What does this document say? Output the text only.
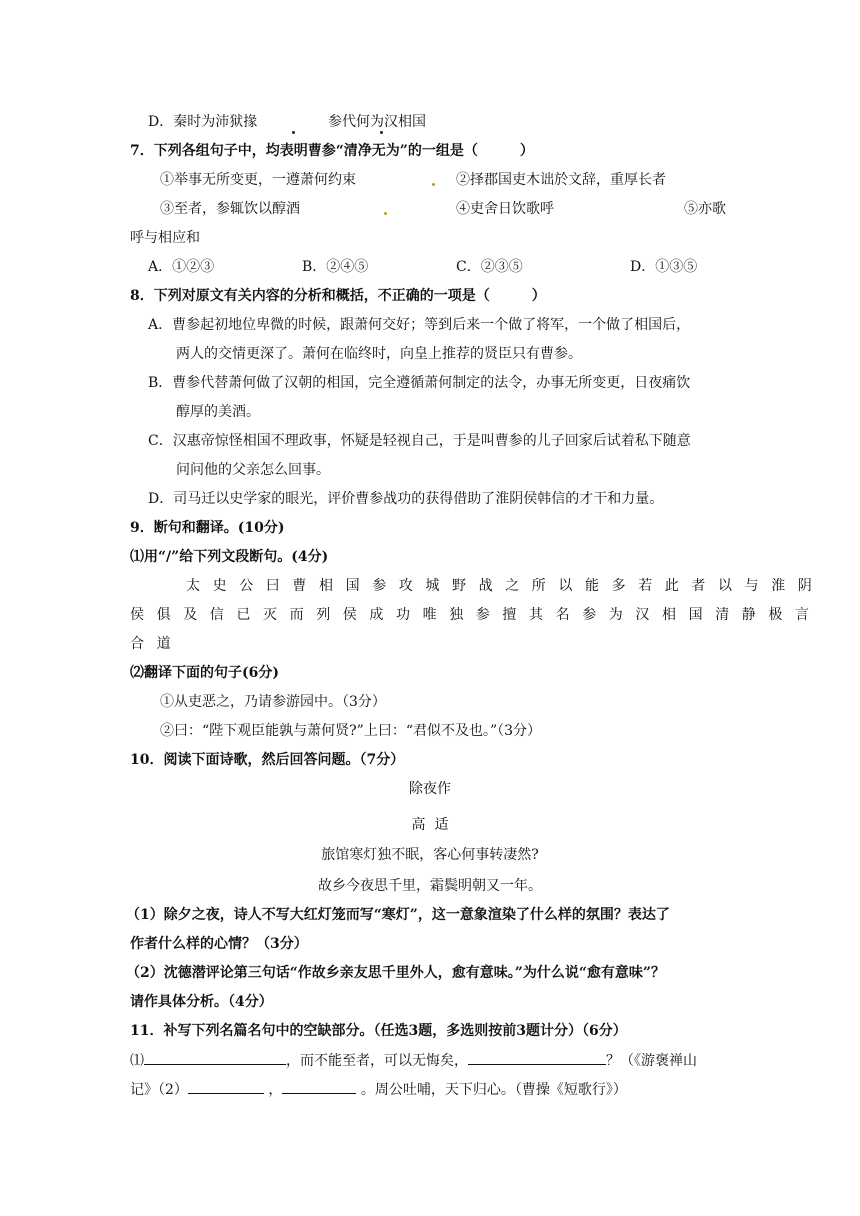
D．秦时为沛狱掾	参代何为汉相国
7．下列各组句子中，均表明曹参“清净无为”的一组是（　　　）
①举事无所变更，一遵萧何约束	②择郡国吏木诎於文辞，重厚长者
③至者，参辄饮以醇酒	④吏舍日饮歌呼	⑤亦歌
呼与相应和
A．①②③	B．②④⑤	C．②③⑤	D．①③⑤
8．下列对原文有关内容的分析和概括，不正确的一项是（　　　）
A．曹参起初地位卑微的时候，跟萧何交好；等到后来一个做了将军，一个做了相国后，
两人的交情更深了。萧何在临终时，向皇上推荐的贤臣只有曹参。
B．曹参代替萧何做了汉朝的相国，完全遵循萧何制定的法令，办事无所变更，日夜痛饮
醇厚的美酒。
C．汉惠帝惊怪相国不理政事，怀疑是轻视自己，于是叫曹参的儿子回家后试着私下随意
问问他的父亲怎么回事。
D．司马迁以史学家的眼光，评价曹参战功的获得借助了淮阴侯韩信的才干和力量。
9．断句和翻译。(10分)
⑴用“/”给下列文段断句。(4分)
太史公曰曹相国参攻城野战之所以能多若此者以与淮阴
侯俱及信已灭而列侯成功唯独参擅其名参为汉相国清静极言
合道
⑵翻译下面的句子(6分)
①从吏恶之，乃请参游园中。（3分）
②曰：“陛下观臣能孰与萧何贤?”上曰：“君似不及也。”（3分）
10．阅读下面诗歌，然后回答问题。（7分）
除夜作
高  适
旅馆寒灯独不眠，客心何事转凄然?
故乡今夜思千里，霜鬓明朝又一年。
（1）除夕之夜，诗人不写大红灯笼而写“寒灯”，这一意象渲染了什么样的氛围？表达了
作者什么样的心情？（3分）
（2）沈德潜评论第三句话“作故乡亲友思千里外人，愈有意味。”为什么说“愈有意味”？
请作具体分析。（4分）
11．补写下列名篇名句中的空缺部分。（任选3题，多选则按前3题计分）（6分）
⑴	，而不能至者，可以无悔矣，	？（《游褒禅山
记》（2）	，	。周公吐哺，天下归心。（曹操《短歌行》）
